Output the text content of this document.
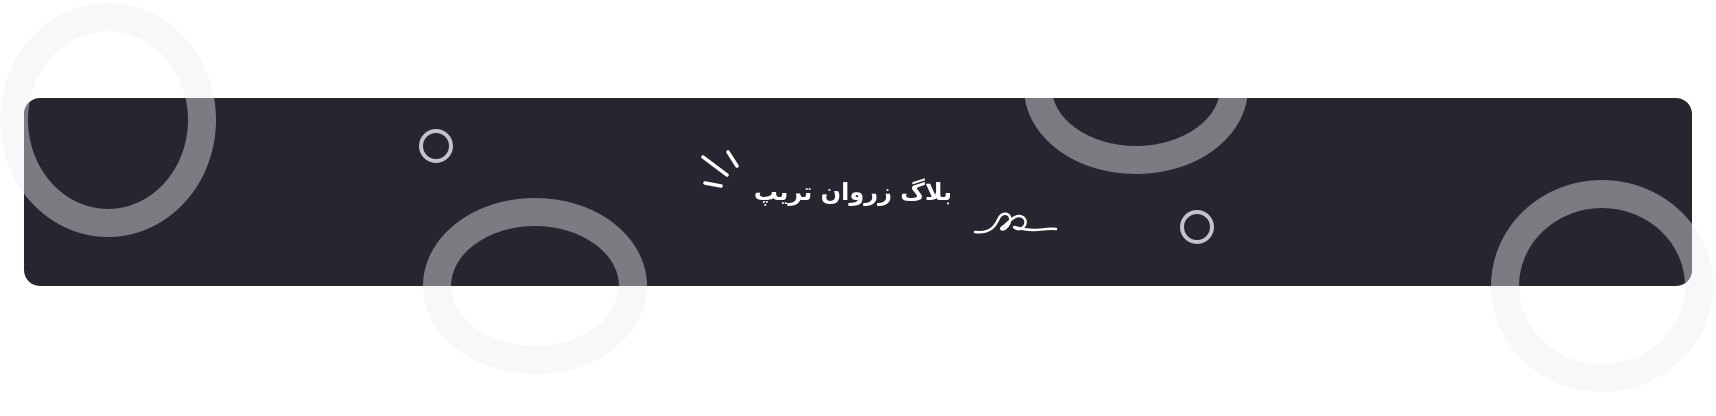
بلاگ زروان تریپ
